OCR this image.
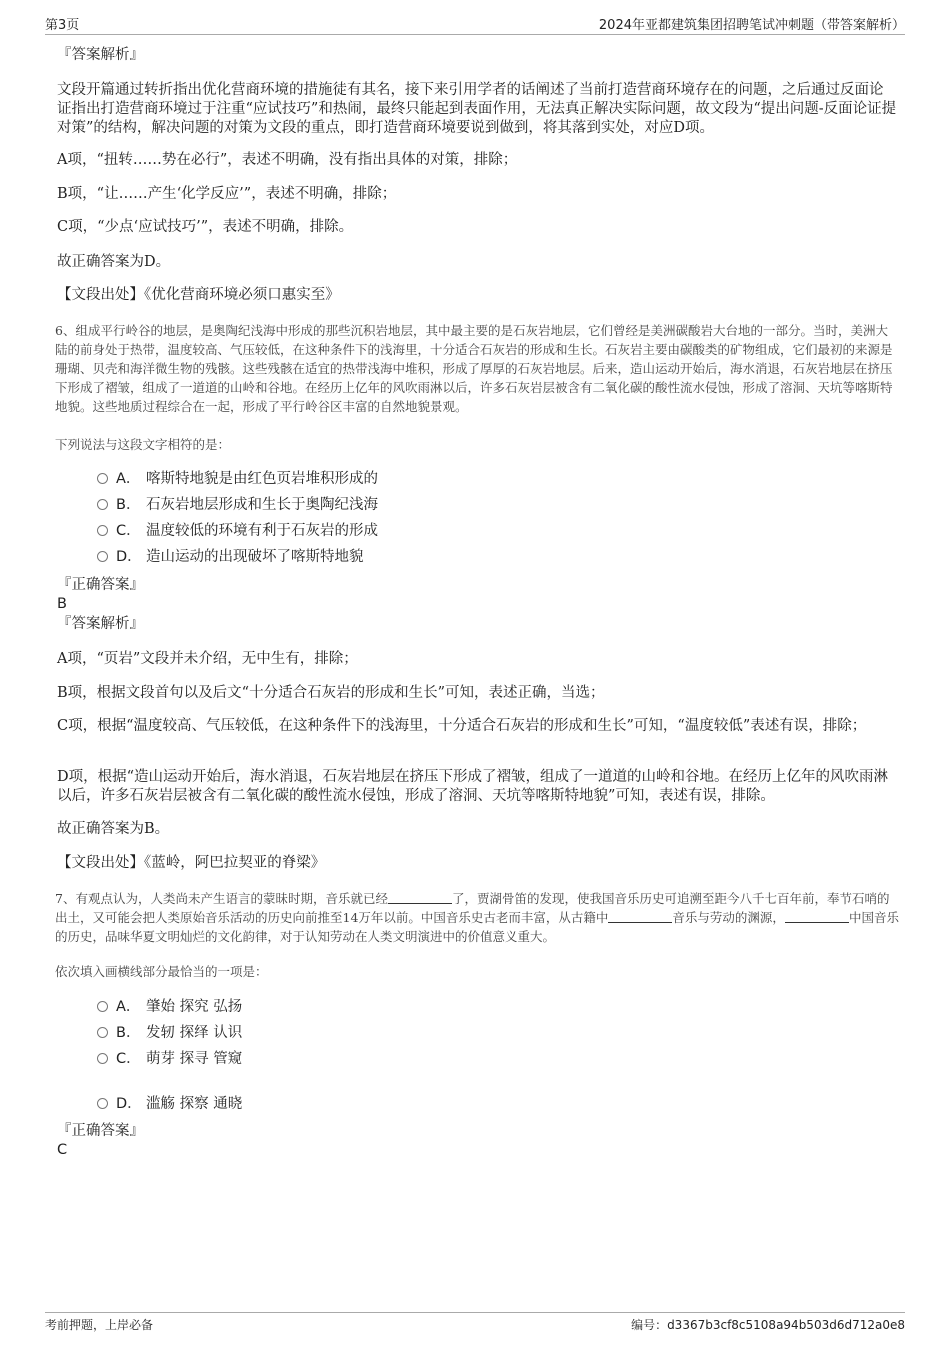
第3页	2024年亚都建筑集团招聘笔试冲刺题（带答案解析）
『答案解析』
文段开篇通过转折指出优化营商环境的措施徒有其名，接下来引用学者的话阐述了当前打造营商环境存在的问题，之后通过反面论证指出打造营商环境过于注重“应试技巧”和热闹，最终只能起到表面作用，无法真正解决实际问题，故文段为“提出问题-反面论证提对策”的结构，解决问题的对策为文段的重点，即打造营商环境要说到做到，将其落到实处，对应D项。
A项，“扭转……势在必行”，表述不明确，没有指出具体的对策，排除；
B项，“让……产生‘化学反应’”，表述不明确，排除；
C项，“少点‘应试技巧’”，表述不明确，排除。
故正确答案为D。
【文段出处】《优化营商环境必须口惠实至》
6、组成平行岭谷的地层，是奥陶纪浅海中形成的那些沉积岩地层，其中最主要的是石灰岩地层，它们曾经是美洲碳酸岩大台地的一部分。当时，美洲大陆的前身处于热带，温度较高、气压较低，在这种条件下的浅海里，十分适合石灰岩的形成和生长。石灰岩主要由碳酸类的矿物组成，它们最初的来源是珊瑚、贝壳和海洋微生物的残骸。这些残骸在适宜的热带浅海中堆积，形成了厚厚的石灰岩地层。后来，造山运动开始后，海水消退，石灰岩地层在挤压下形成了褶皱，组成了一道道的山岭和谷地。在经历上亿年的风吹雨淋以后，许多石灰岩层被含有二氧化碳的酸性流水侵蚀，形成了溶洞、天坑等喀斯特地貌。这些地质过程综合在一起，形成了平行岭谷区丰富的自然地貌景观。
下列说法与这段文字相符的是：
A． 喀斯特地貌是由红色页岩堆积形成的
B． 石灰岩地层形成和生长于奥陶纪浅海
C． 温度较低的环境有利于石灰岩的形成
D． 造山运动的出现破坏了喀斯特地貌
『正确答案』
B
『答案解析』
A项，“页岩”文段并未介绍，无中生有，排除；
B项，根据文段首句以及后文“十分适合石灰岩的形成和生长”可知，表述正确，当选；
C项，根据“温度较高、气压较低，在这种条件下的浅海里，十分适合石灰岩的形成和生长”可知，“温度较低”表述有误，排除；
D项，根据“造山运动开始后，海水消退，石灰岩地层在挤压下形成了褶皱，组成了一道道的山岭和谷地。在经历上亿年的风吹雨淋以后，许多石灰岩层被含有二氧化碳的酸性流水侵蚀，形成了溶洞、天坑等喀斯特地貌”可知，表述有误，排除。
故正确答案为B。
【文段出处】《蓝岭，阿巴拉契亚的脊梁》
7、有观点认为，人类尚未产生语言的蒙昧时期，音乐就已经	了，贾湖骨笛的发现，使我国音乐历史可追溯至距今八千七百年前，奉节石哨的出土，又可能会把人类原始音乐活动的历史向前推至14万年以前。中国音乐史古老而丰富，从古籍中	音乐与劳动的渊源，	中国音乐的历史，品味华夏文明灿烂的文化韵律，对于认知劳动在人类文明演进中的价值意义重大。
依次填入画横线部分最恰当的一项是：
A． 肇始 探究 弘扬
B． 发轫 探绎 认识
C． 萌芽 探寻 管窥
D． 滥觞 探察 通晓
『正确答案』
C
考前押题，上岸必备	编号：d3367b3cf8c5108a94b503d6d712a0e8
